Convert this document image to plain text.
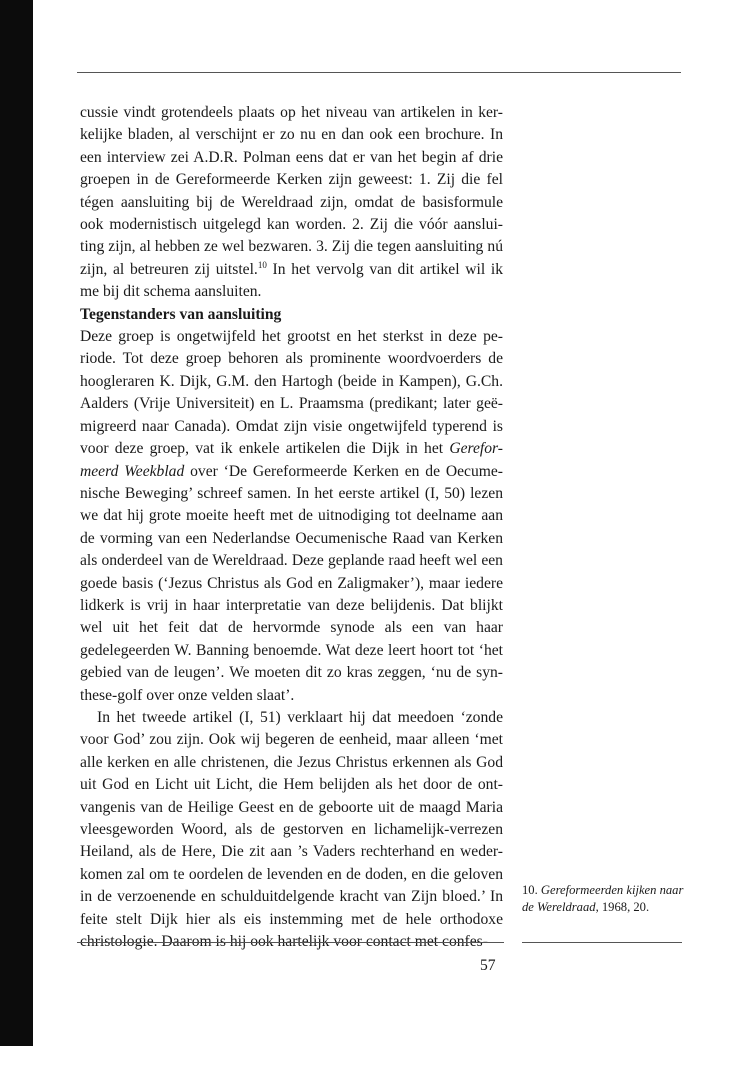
cussie vindt grotendeels plaats op het niveau van artikelen in ker- kelijke bladen, al verschijnt er zo nu en dan ook een brochure. In een interview zei A.D.R. Polman eens dat er van het begin af drie groepen in de Gereformeerde Kerken zijn geweest: 1. Zij die fel tégen aansluiting bij de Wereldraad zijn, omdat de basisformule ook modernistisch uitgelegd kan worden. 2. Zij die vóór aanslui- ting zijn, al hebben ze wel bezwaren. 3. Zij die tegen aansluiting nú zijn, al betreuren zij uitstel.$^{10}$ In het vervolg van dit artikel wil ik me bij dit schema aansluiten.

Tegenstanders van aansluiting

Deze groep is ongetwijfeld het grootst en het sterkst in deze pe- riode. Tot deze groep behoren als prominente woordvoerders de hoogleraren K. Dijk, G.M. den Hartogh (beide in Kampen), G.Ch. Aalders (Vrije Universiteit) en L. Praamsma (predikant; later geë- migreerd naar Canada). Omdat zijn visie ongetwijfeld typerend is voor deze groep, vat ik enkele artikelen die Dijk in het Gerefor- meerd Weekblad over ‘De Gereformeerde Kerken en de Oecume- nische Beweging’ schreef samen. In het eerste artikel (I, 50) lezen we dat hij grote moeite heeft met de uitnodiging tot deelname aan de vorming van een Nederlandse Oecumenische Raad van Kerken als onderdeel van de Wereldraad. Deze geplande raad heeft wel een goede basis (‘Jezus Christus als God en Zaligmaker’), maar iedere lidkerk is vrij in haar interpretatie van deze belijdenis. Dat blijkt wel uit het feit dat de hervormde synode als een van haar gedelegeerden W. Banning benoemde. Wat deze leert hoort tot ‘het gebied van de leugen’. We moeten dit zo kras zeggen, ‘nu de syn- these-golf over onze velden slaat’.

In het tweede artikel (I, 51) verklaart hij dat meedoen ‘zonde voor God’ zou zijn. Ook wij begeren de eenheid, maar alleen ‘met alle kerken en alle christenen, die Jezus Christus erkennen als God uit God en Licht uit Licht, die Hem belijden als het door de ont- vangenis van de Heilige Geest en de geboorte uit de maagd Maria vleesgeworden Woord, als de gestorven en lichamelijk-verrezen Heiland, als de Here, Die zit aan ’s Vaders rechterhand en weder- komen zal om te oordelen de levenden en de doden, en die geloven in de verzoenende en schulduitdelgende kracht van Zijn bloed.’ In feite stelt Dijk hier als eis instemming met de hele orthodoxe christologie. Daarom is hij ook hartelijk voor contact met confes-

10. Gereformeerden kijken naar de Wereldraad, 1968, 20.
57
